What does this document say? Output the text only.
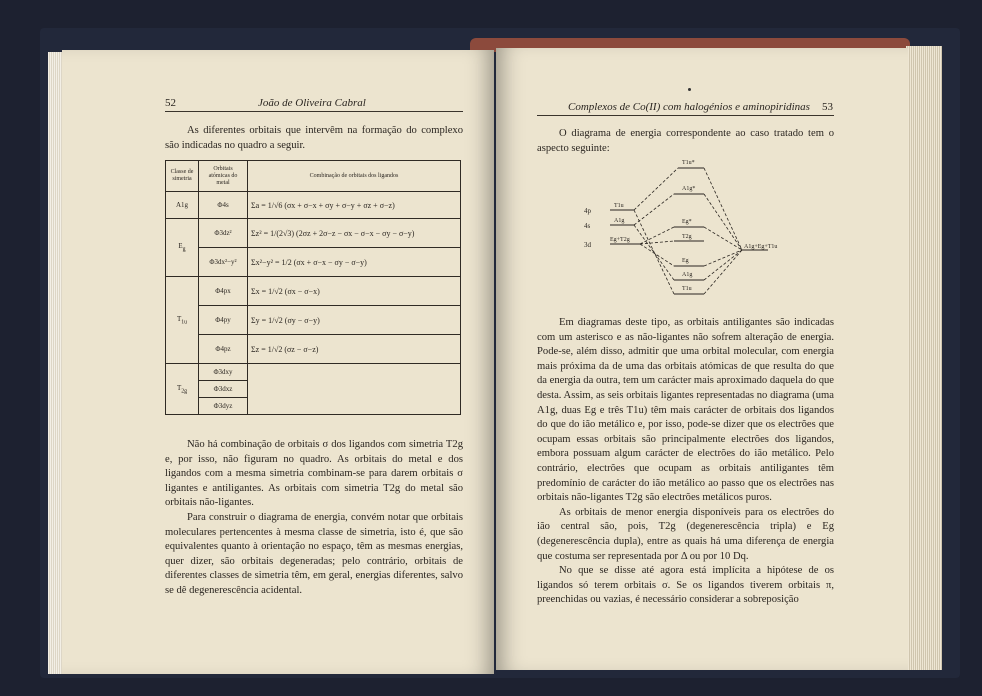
52	João de Oliveira Cabral

As diferentes orbitais que intervêm na formação do complexo são indicadas no quadro a seguir.

Classe de simetria	Orbitais atómicas do metal	Combinação de orbitais dos ligandos
A1g	Φ4s	Σa = 1/√6 (σx + σ−x + σy + σ−y + σz + σ−z)
$E_g$	Φ3dz²	Σz² = 1/(2√3) (2σz + 2σ−z − σx − σ−x − σy − σ−y)
	Φ3dx²−y²	Σx²−y² = 1/2 (σx + σ−x − σy − σ−y)
$T_{1u}$	Φ4px	Σx = 1/√2 (σx − σ−x)
	Φ4py	Σy = 1/√2 (σy − σ−y)
	Φ4pz	Σz = 1/√2 (σz − σ−z)
$T_{2g}$	Φ3dxy	
	Φ3dxz	
	Φ3dyz	

Não há combinação de orbitais σ dos ligandos com simetria T2g e, por isso, não figuram no quadro. As orbitais do metal e dos ligandos com a mesma simetria combinam-se para darem orbitais σ ligantes e antiligantes. As orbitais com simetria T2g do metal são orbitais não-ligantes.

Para construir o diagrama de energia, convém notar que orbitais moleculares pertencentes à mesma classe de simetria, isto é, que são equivalentes quanto à orientação no espaço, têm as mesmas energias, quer dizer, são orbitais degeneradas; pelo contrário, orbitais de diferentes classes de simetria têm, em geral, energias diferentes, salvo se dê degenerescência acidental.

Complexos de Co(II) com halogénios e aminopiridinas 53

O diagrama de energia correspondente ao caso tratado tem o aspecto seguinte:

4p
4s
3d
T1u
A1g
Eg+T2g
T1u*
A1g*
Eg*
T2g
Eg
A1g
T1u
A1g+Eg+T1u

Em diagramas deste tipo, as orbitais antiligantes são indicadas com um asterisco e as não-ligantes não sofrem alteração de energia. Pode-se, além disso, admitir que uma orbital molecular, com energia mais próxima da de uma das orbitais atómicas de que resulta do que da energia da outra, tem um carácter mais aproximado daquela do que desta. Assim, as seis orbitais ligantes representadas no diagrama (uma A1g, duas Eg e três T1u) têm mais carácter de orbitais dos ligandos do que do ião metálico e, por isso, pode-se dizer que os electrões que ocupam essas orbitais são principalmente electrões dos ligandos, embora possuam algum carácter de electrões do ião metálico. Pelo contrário, electrões que ocupam as orbitais antiligantes têm predomínio de carácter do ião metálico ao passo que os electrões nas orbitais não-ligantes T2g são electrões metálicos puros.

As orbitais de menor energia disponíveis para os electrões do ião central são, pois, T2g (degenerescência tripla) e Eg (degenerescência dupla), entre as quais há uma diferença de energia que costuma ser representada por Δ ou por 10 Dq.

No que se disse até agora está implícita a hipótese de os ligandos só terem orbitais σ. Se os ligandos tiverem orbitais π, preenchidas ou vazias, é necessário considerar a sobreposição
